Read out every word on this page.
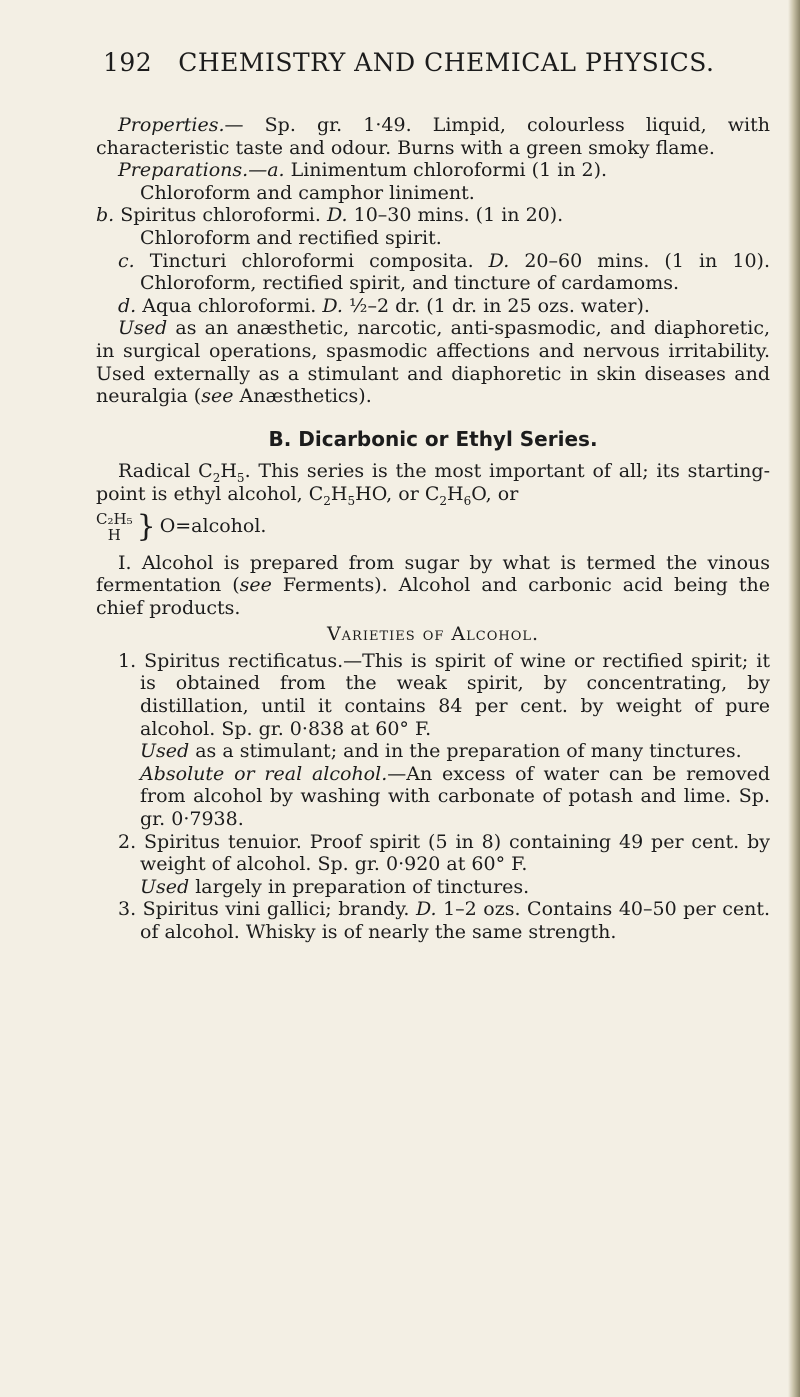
192 CHEMISTRY AND CHEMICAL PHYSICS.

Properties.— Sp. gr. 1·49. Limpid, colourless liquid, with characteristic taste and odour. Burns with a green smoky flame.

Preparations.—a. Linimentum chloroformi (1 in 2).

Chloroform and camphor liniment.

b. Spiritus chloroformi. D. 10–30 mins. (1 in 20).

Chloroform and rectified spirit.

c. Tincturi chloroformi composita. D. 20–60 mins. (1 in 10). Chloroform, rectified spirit, and tincture of cardamoms.

d. Aqua chloroformi. D. ½–2 dr. (1 dr. in 25 ozs. water).

Used as an anæsthetic, narcotic, anti-spasmodic, and diaphoretic, in surgical operations, spasmodic affections and nervous irritability. Used externally as a stimulant and diaphoretic in skin diseases and neuralgia (see Anæsthetics).

B. Dicarbonic or Ethyl Series.

Radical $C_2H_5$. This series is the most important of all; its starting-point is ethyl alcohol, $C_2H_5HO$, or $C_2H_6O$, or

C₂H₅
H } O=alcohol.

I. Alcohol is prepared from sugar by what is termed the vinous fermentation (see Ferments). Alcohol and carbonic acid being the chief products.

Varieties of Alcohol.

1. Spiritus rectificatus.—This is spirit of wine or rectified spirit; it is obtained from the weak spirit, by concentrating, by distillation, until it contains 84 per cent. by weight of pure alcohol. Sp. gr. 0·838 at 60° F.

Used as a stimulant; and in the preparation of many tinctures.

Absolute or real alcohol.—An excess of water can be removed from alcohol by washing with carbonate of potash and lime. Sp. gr. 0·7938.

2. Spiritus tenuior. Proof spirit (5 in 8) containing 49 per cent. by weight of alcohol. Sp. gr. 0·920 at 60° F.

Used largely in preparation of tinctures.

3. Spiritus vini gallici; brandy. D. 1–2 ozs. Contains 40–50 per cent. of alcohol. Whisky is of nearly the same strength.
